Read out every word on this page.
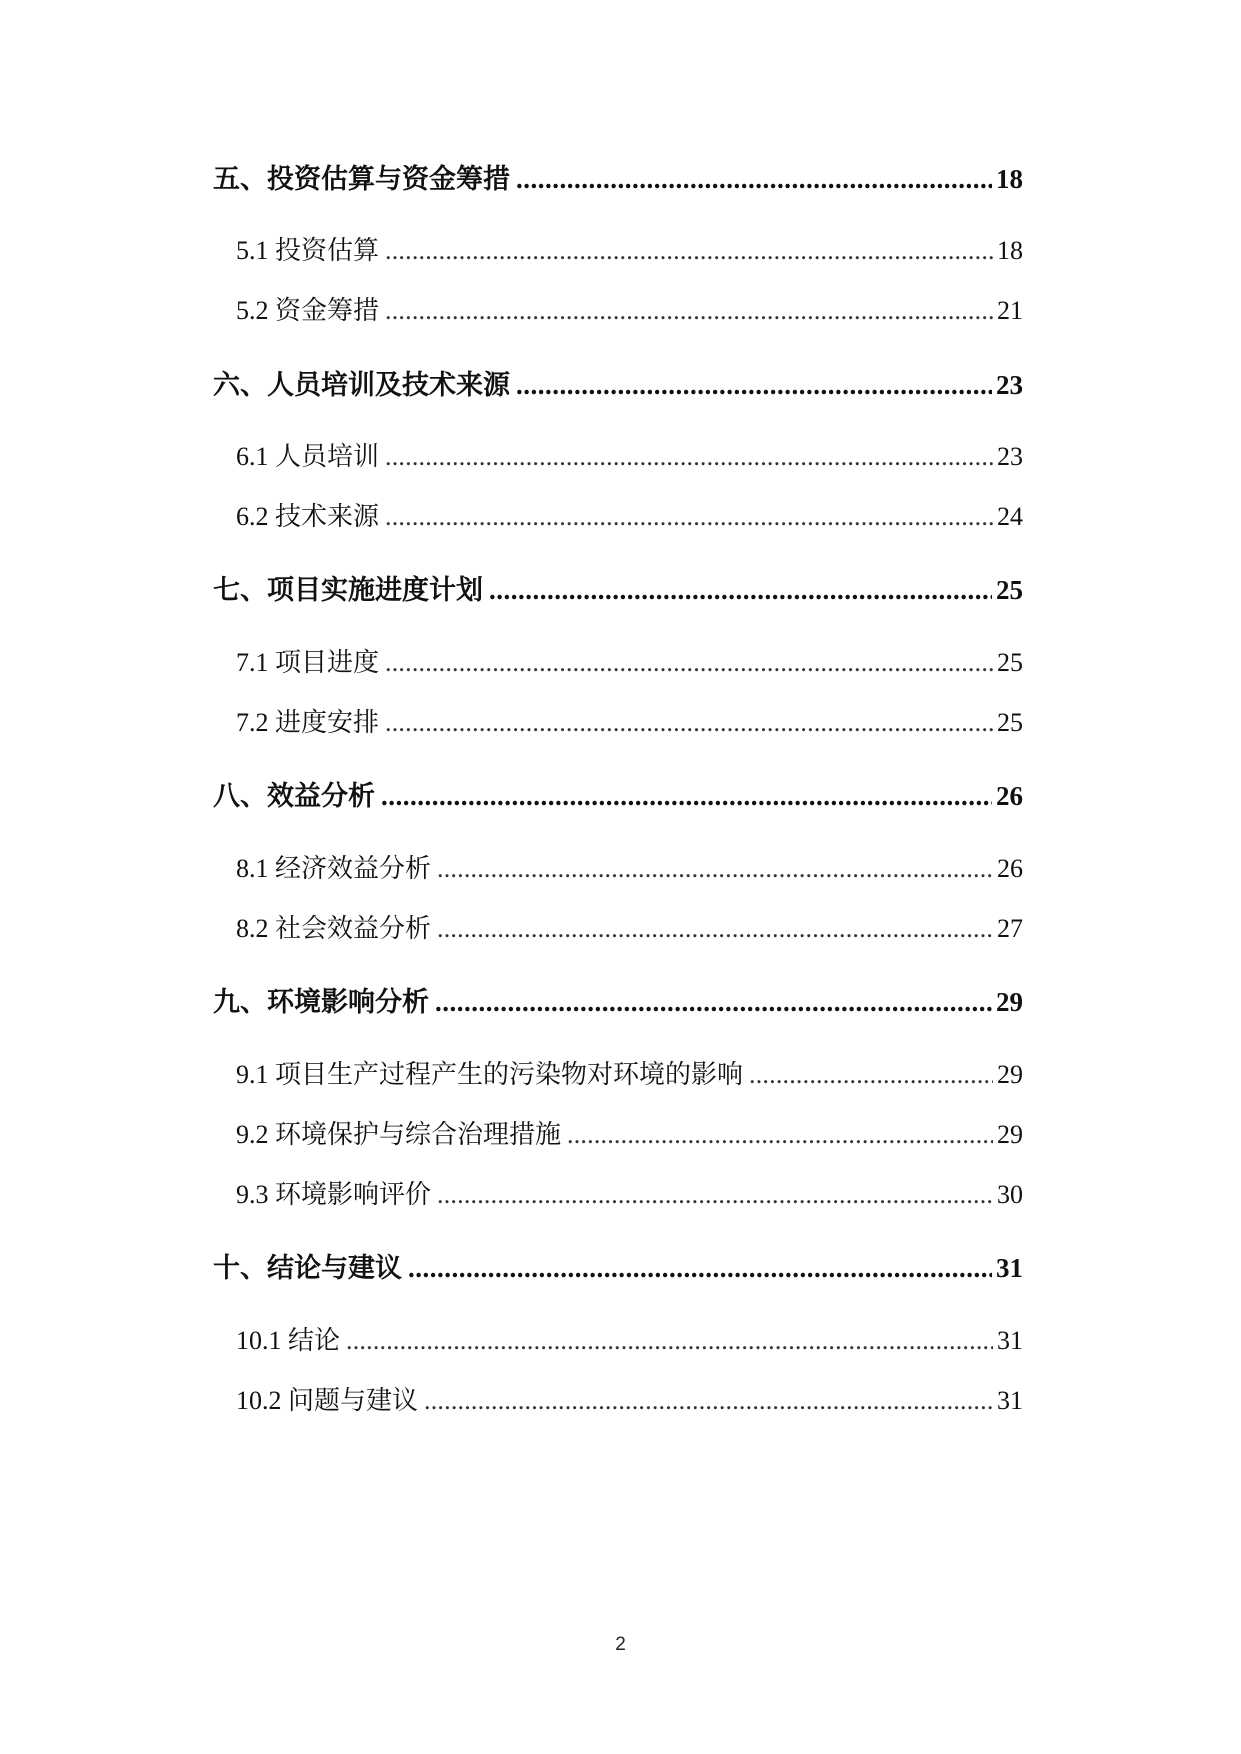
五、投资估算与资金筹措 .....	18
5.1 投资估算 .....	18
5.2 资金筹措 .....	21
六、人员培训及技术来源 .....	23
6.1 人员培训 .....	23
6.2 技术来源 .....	24
七、项目实施进度计划 .....	25
7.1 项目进度 .....	25
7.2 进度安排 .....	25
八、效益分析 .....	26
8.1 经济效益分析 .....	26
8.2 社会效益分析 .....	27
九、环境影响分析 .....	29
9.1 项目生产过程产生的污染物对环境的影响 .....	29
9.2 环境保护与综合治理措施 .....	29
9.3 环境影响评价 .....	30
十、结论与建议 .....	31
10.1 结论 .....	31
10.2 问题与建议 .....	31
2
